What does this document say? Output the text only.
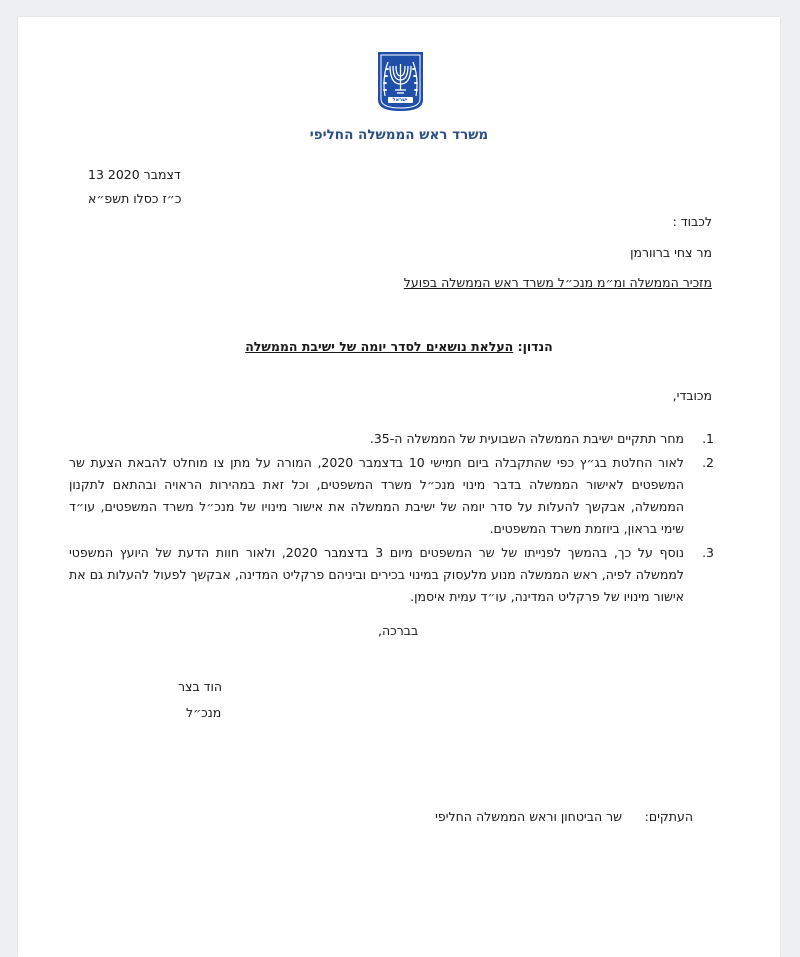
ישראל
משרד ראש הממשלה החליפי
13 דצמבר 2020
כ״ז כסלו תשפ״א
לכבוד :
מר צחי ברוורמן
מזכיר הממשלה ומ״מ מנכ״ל משרד ראש הממשלה בפועל
הנדון: העלאת נושאים לסדר יומה של ישיבת הממשלה
מכובדי,
1.
מחר תתקיים ישיבת הממשלה השבועית של הממשלה ה-35.
2.
לאור החלטת בג״ץ כפי שהתקבלה ביום חמישי 10 בדצמבר 2020, המורה על מתן צו מוחלט להבאת הצעת שר המשפטים לאישור הממשלה בדבר מינוי מנכ״ל משרד המשפטים, וכל זאת במהירות הראויה ובהתאם לתקנון הממשלה, אבקשך להעלות על סדר יומה של ישיבת הממשלה את אישור מינויו של מנכ״ל משרד המשפטים, עו״ד שימי בראון, ביוזמת משרד המשפטים.
3.
נוסף על כך, בהמשך לפנייתו של שר המשפטים מיום 3 בדצמבר 2020, ולאור חוות הדעת של היועץ המשפטי לממשלה לפיה, ראש הממשלה מנוע מלעסוק במינוי בכירים וביניהם פרקליט המדינה, אבקשך לפעול להעלות גם את אישור מינויו של פרקליט המדינה, עו״ד עמית איסמן.
בברכה,
הוד בצר
מנכ״ל
העתקים:
שר הביטחון וראש הממשלה החליפי
